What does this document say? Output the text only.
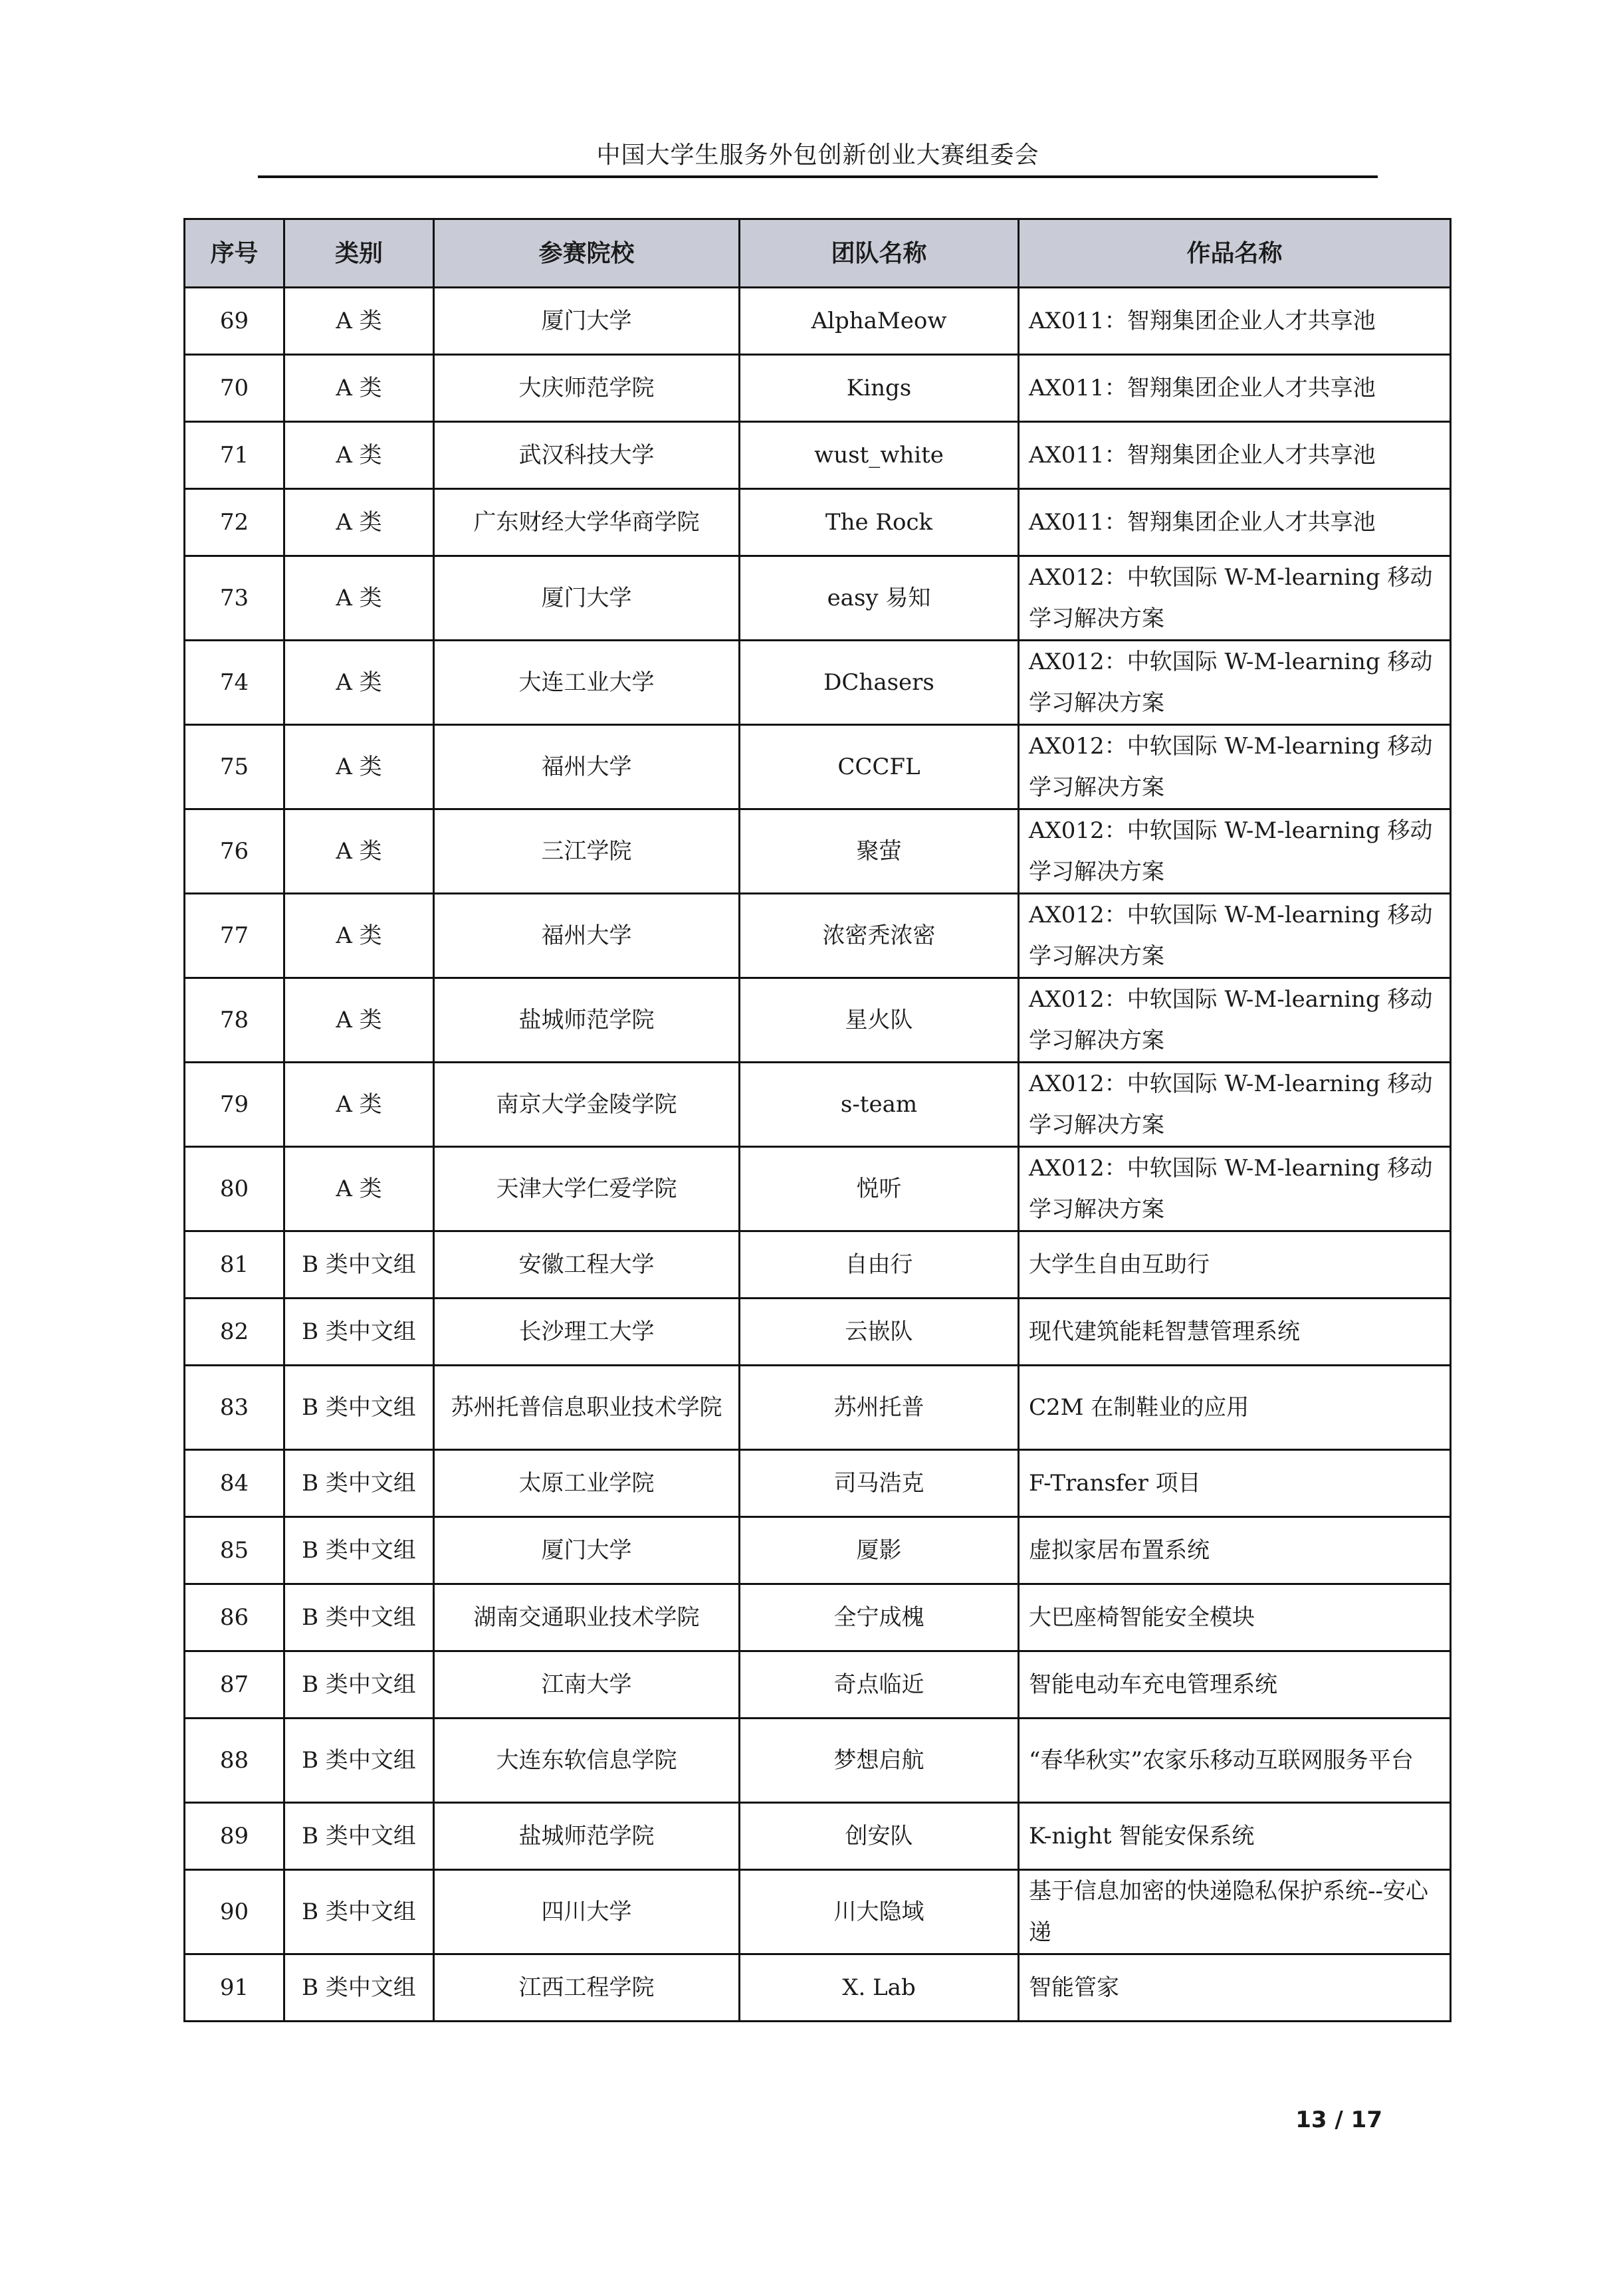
中国大学生服务外包创新创业大赛组委会
序号	类别	参赛院校	团队名称	作品名称
69	A 类	厦门大学	AlphaMeow	AX011：智翔集团企业人才共享池
70	A 类	大庆师范学院	Kings	AX011：智翔集团企业人才共享池
71	A 类	武汉科技大学	wust_white	AX011：智翔集团企业人才共享池
72	A 类	广东财经大学华商学院	The Rock	AX011：智翔集团企业人才共享池
73	A 类	厦门大学	easy 易知	AX012：中软国际 W-M-learning 移动学习解决方案
74	A 类	大连工业大学	DChasers	AX012：中软国际 W-M-learning 移动学习解决方案
75	A 类	福州大学	CCCFL	AX012：中软国际 W-M-learning 移动学习解决方案
76	A 类	三江学院	聚萤	AX012：中软国际 W-M-learning 移动学习解决方案
77	A 类	福州大学	浓密秃浓密	AX012：中软国际 W-M-learning 移动学习解决方案
78	A 类	盐城师范学院	星火队	AX012：中软国际 W-M-learning 移动学习解决方案
79	A 类	南京大学金陵学院	s-team	AX012：中软国际 W-M-learning 移动学习解决方案
80	A 类	天津大学仁爱学院	悦听	AX012：中软国际 W-M-learning 移动学习解决方案
81	B 类中文组	安徽工程大学	自由行	大学生自由互助行
82	B 类中文组	长沙理工大学	云嵌队	现代建筑能耗智慧管理系统
83	B 类中文组	苏州托普信息职业技术学院	苏州托普	C2M 在制鞋业的应用
84	B 类中文组	太原工业学院	司马浩克	F-Transfer 项目
85	B 类中文组	厦门大学	厦影	虚拟家居布置系统
86	B 类中文组	湖南交通职业技术学院	全宁成槐	大巴座椅智能安全模块
87	B 类中文组	江南大学	奇点临近	智能电动车充电管理系统
88	B 类中文组	大连东软信息学院	梦想启航	“春华秋实”农家乐移动互联网服务平台
89	B 类中文组	盐城师范学院	创安队	K-night 智能安保系统
90	B 类中文组	四川大学	川大隐域	基于信息加密的快递隐私保护系统--安心递
91	B 类中文组	江西工程学院	X. Lab	智能管家
13 / 17
